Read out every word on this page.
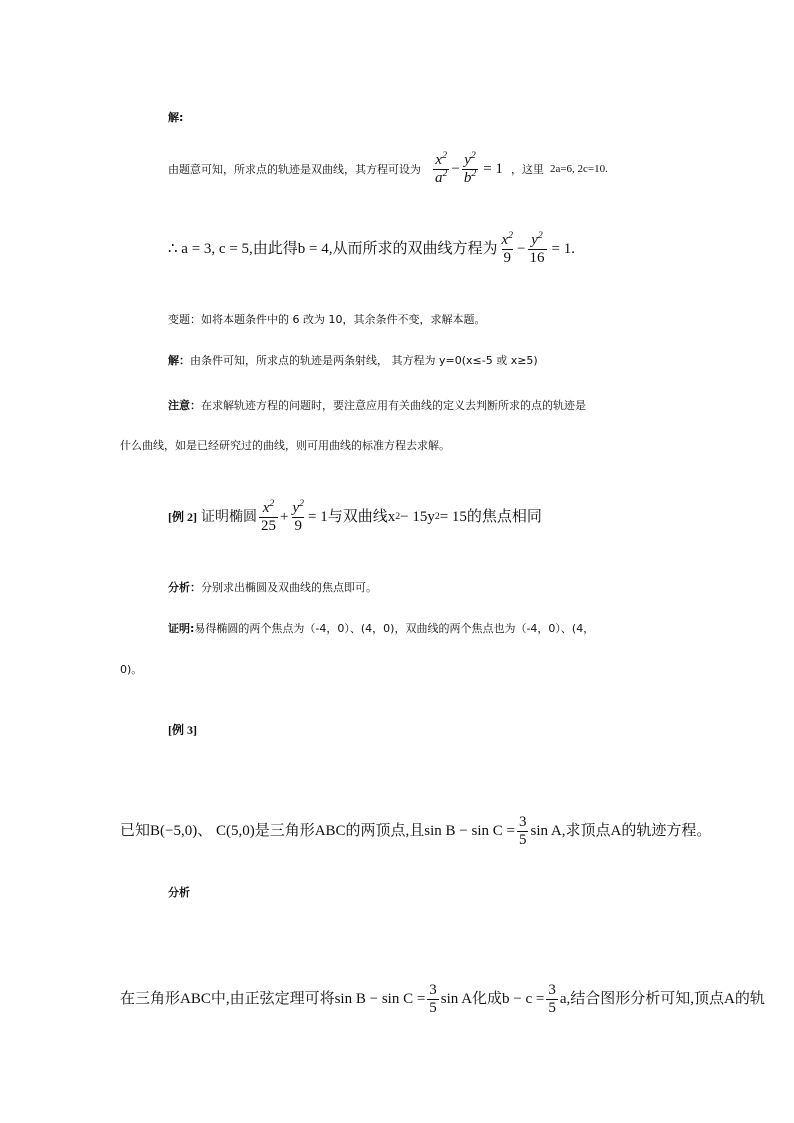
解:
由题意可知，所求点的轨迹是双曲线，其方程可设为 $\frac{x^2}{a^2} - \frac{y^2}{b^2} = 1$ ，这里 2a=6, 2c=10.
∴ a = 3, c = 5,由此得b = 4,从而所求的双曲线方程为 $\frac{x^2}{9} - \frac{y^2}{16} = 1$.
变题：如将本题条件中的 6 改为 10，其余条件不变，求解本题。
解：由条件可知，所求点的轨迹是两条射线， 其方程为 y=0(x≤-5 或 x≥5)
注意：在求解轨迹方程的问题时，要注意应用有关曲线的定义去判断所求的点的轨迹是
什么曲线，如是已经研究过的曲线，则可用曲线的标准方程去求解。
[例 2] 证明椭圆 $\frac{x^2}{25} + \frac{y^2}{9} = 1$与双曲线x 2 − 15y 2 = 15的焦点相同
分析：分别求出椭圆及双曲线的焦点即可。
证明:易得椭圆的两个焦点为（-4，0）、(4，0)，双曲线的两个焦点也为（-4，0）、(4，
0)。
[例 3]
已知B(−5,0)、 C(5,0)是三角形ABC的两顶点,且$\sin B - \sin C = \frac{3}{5}$ sin A,求顶点A的轨迹方程。
分析
在三角形ABC中,由正弦定理可将$\sin B - \sin C = \frac{3}{5}$ sin A化成$b - c = \frac{3}{5} a$,结合图形分析可知,顶点A的轨
